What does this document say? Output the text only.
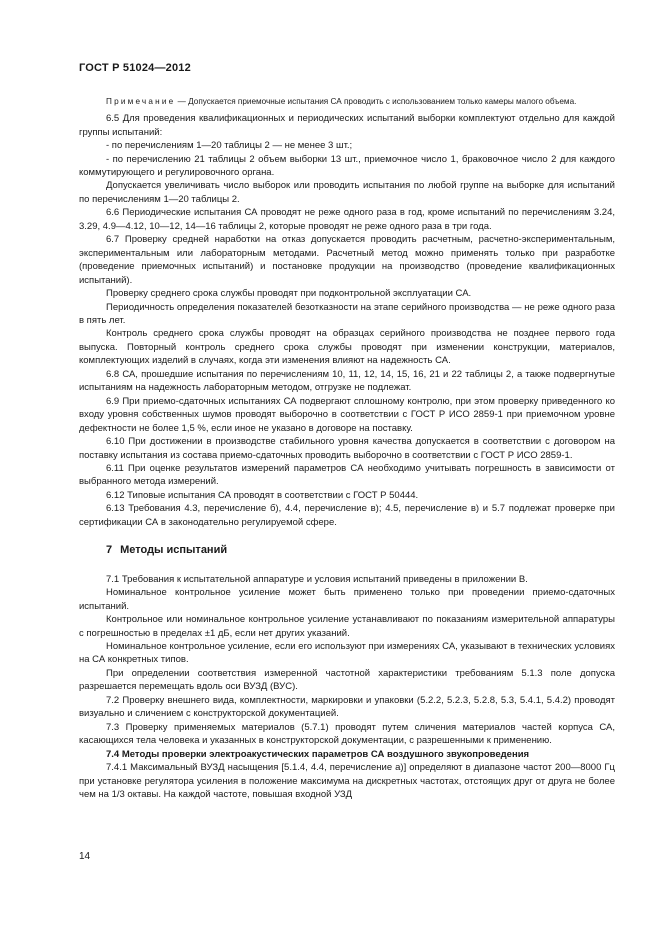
ГОСТ Р 51024—2012

Примечание — Допускается приемочные испытания СА проводить с использованием только камеры малого объема.

6.5 Для проведения квалификационных и периодических испытаний выборки комплектуют отдельно для каждой группы испытаний:

- по перечислениям 1—20 таблицы 2 — не менее 3 шт.;

- по перечислению 21 таблицы 2 объем выборки 13 шт., приемочное число 1, браковочное число 2 для каждого коммутирующего и регулировочного органа.

Допускается увеличивать число выборок или проводить испытания по любой группе на выборке для испытаний по перечислениям 1—20 таблицы 2.

6.6 Периодические испытания СА проводят не реже одного раза в год, кроме испытаний по перечислениям 3.24, 3.29, 4.9—4.12, 10—12, 14—16 таблицы 2, которые проводят не реже одного раза в три года.

6.7 Проверку средней наработки на отказ допускается проводить расчетным, расчетно-экспериментальным, экспериментальным или лабораторным методами. Расчетный метод можно применять только при разработке (проведение приемочных испытаний) и постановке продукции на производство (проведение квалификационных испытаний).

Проверку среднего срока службы проводят при подконтрольной эксплуатации СА.

Периодичность определения показателей безотказности на этапе серийного производства — не реже одного раза в пять лет.

Контроль среднего срока службы проводят на образцах серийного производства не позднее первого года выпуска. Повторный контроль среднего срока службы проводят при изменении конструкции, материалов, комплектующих изделий в случаях, когда эти изменения влияют на надежность СА.

6.8 СА, прошедшие испытания по перечислениям 10, 11, 12, 14, 15, 16, 21 и 22 таблицы 2, а также подвергнутые испытаниям на надежность лабораторным методом, отгрузке не подлежат.

6.9 При приемо-сдаточных испытаниях СА подвергают сплошному контролю, при этом проверку приведенного ко входу уровня собственных шумов проводят выборочно в соответствии с ГОСТ Р ИСО 2859-1 при приемочном уровне дефектности не более 1,5 %, если иное не указано в договоре на поставку.

6.10 При достижении в производстве стабильного уровня качества допускается в соответствии с договором на поставку испытания из состава приемо-сдаточных проводить выборочно в соответствии с ГОСТ Р ИСО 2859-1.

6.11 При оценке результатов измерений параметров СА необходимо учитывать погрешность в зависимости от выбранного метода измерений.

6.12 Типовые испытания СА проводят в соответствии с ГОСТ Р 50444.

6.13 Требования 4.3, перечисление б), 4.4, перечисление в); 4.5, перечисление в) и 5.7 подлежат проверке при сертификации СА в законодательно регулируемой сфере.

7 Методы испытаний

7.1 Требования к испытательной аппаратуре и условия испытаний приведены в приложении В.

Номинальное контрольное усиление может быть применено только при проведении приемо-сдаточных испытаний.

Контрольное или номинальное контрольное усиление устанавливают по показаниям измерительной аппаратуры с погрешностью в пределах ±1 дБ, если нет других указаний.

Номинальное контрольное усиление, если его используют при измерениях СА, указывают в технических условиях на СА конкретных типов.

При определении соответствия измеренной частотной характеристики требованиям 5.1.3 поле допуска разрешается перемещать вдоль оси ВУЗД (ВУС).

7.2 Проверку внешнего вида, комплектности, маркировки и упаковки (5.2.2, 5.2.3, 5.2.8, 5.3, 5.4.1, 5.4.2) проводят визуально и сличением с конструкторской документацией.

7.3 Проверку применяемых материалов (5.7.1) проводят путем сличения материалов частей корпуса СА, касающихся тела человека и указанных в конструкторской документации, с разрешенными к применению.

7.4 Методы проверки электроакустических параметров СА воздушного звукопроведения

7.4.1 Максимальный ВУЗД насыщения [5.1.4, 4.4, перечисление а)] определяют в диапазоне частот 200—8000 Гц при установке регулятора усиления в положение максимума на дискретных частотах, отстоящих друг от друга не более чем на 1/3 октавы. На каждой частоте, повышая входной УЗД

14
